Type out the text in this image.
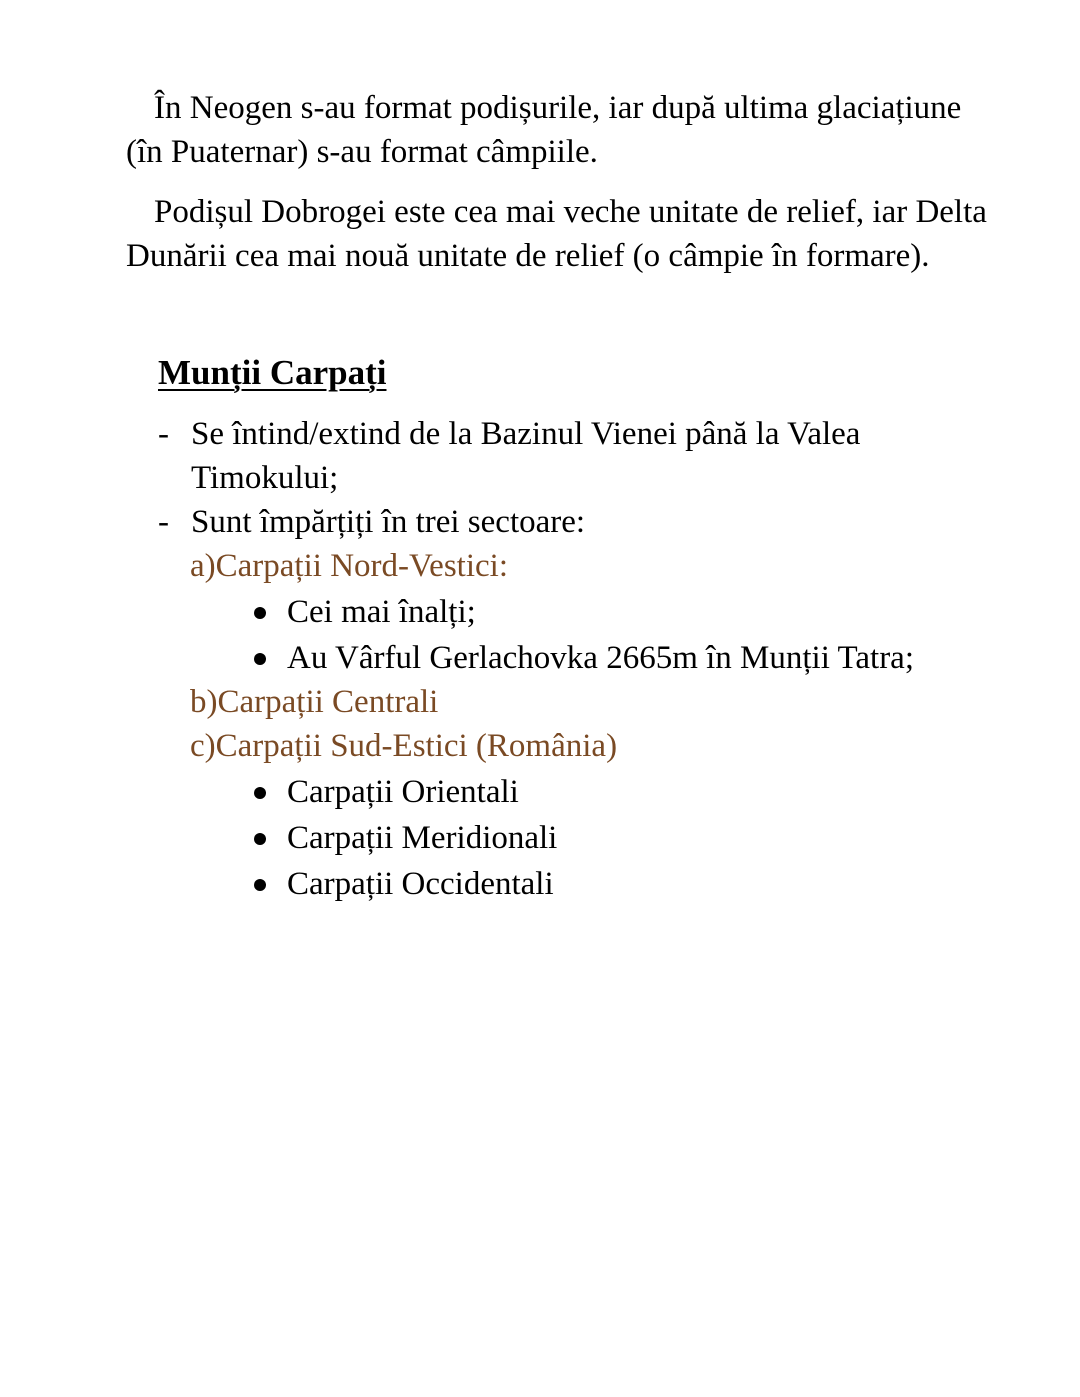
În Neogen s-au format podișurile, iar după ultima glaciațiune
(în Puaternar) s-au format câmpiile.

Podișul Dobrogei este cea mai veche unitate de relief, iar Delta
Dunării cea mai nouă unitate de relief (o câmpie în formare).

Munții Carpați
- Se întind/extind de la Bazinul Vienei până la Valea
Timokului;
- Sunt împărțiți în trei sectoare:
a)Carpații Nord-Vestici:
Cei mai înalți;
Au Vârful Gerlachovka 2665m în Munții Tatra;
b)Carpații Centrali
c)Carpații Sud-Estici (România)
Carpații Orientali
Carpații Meridionali
Carpații Occidentali
